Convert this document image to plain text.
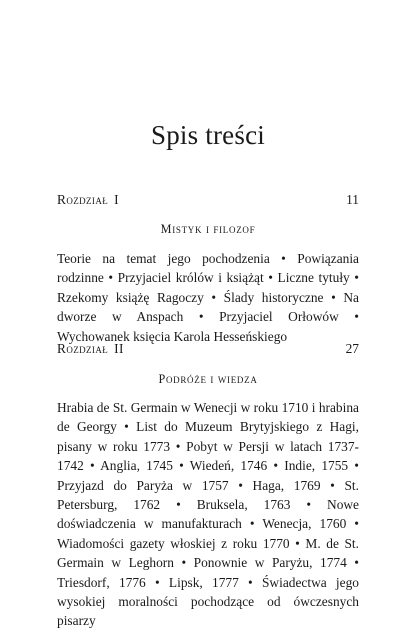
Spis treści
Rozdział I	11
Mistyk i filozof

Teorie na temat jego pochodzenia • Powiązania rodzinne • Przyjaciel królów i książąt • Liczne tytuły • Rzekomy książę Ragoczy • Ślady historyczne • Na dworze w Anspach • Przyjaciel Orłowów • Wychowanek księcia Karola Hesseńskiego

Rozdział II	27
Podróże i wiedza

Hrabia de St. Germain w Wenecji w roku 1710 i hrabina de Georgy • List do Muzeum Brytyjskiego z Hagi, pisany w roku 1773 • Pobyt w Persji w latach 1737-1742 • Anglia, 1745 • Wiedeń, 1746 • Indie, 1755 • Przyjazd do Paryża w 1757 • Haga, 1769 • St. Petersburg, 1762 • Bruksela, 1763 • Nowe doświadczenia w manufakturach • Wenecja, 1760 • Wiadomości gazety włoskiej z roku 1770 • M. de St. Germain w Leghorn • Ponownie w Paryżu, 1774 • Triesdorf, 1776 • Lipsk, 1777 • Świadectwa jego wysokiej moralności pochodzące od ówczesnych pisarzy
